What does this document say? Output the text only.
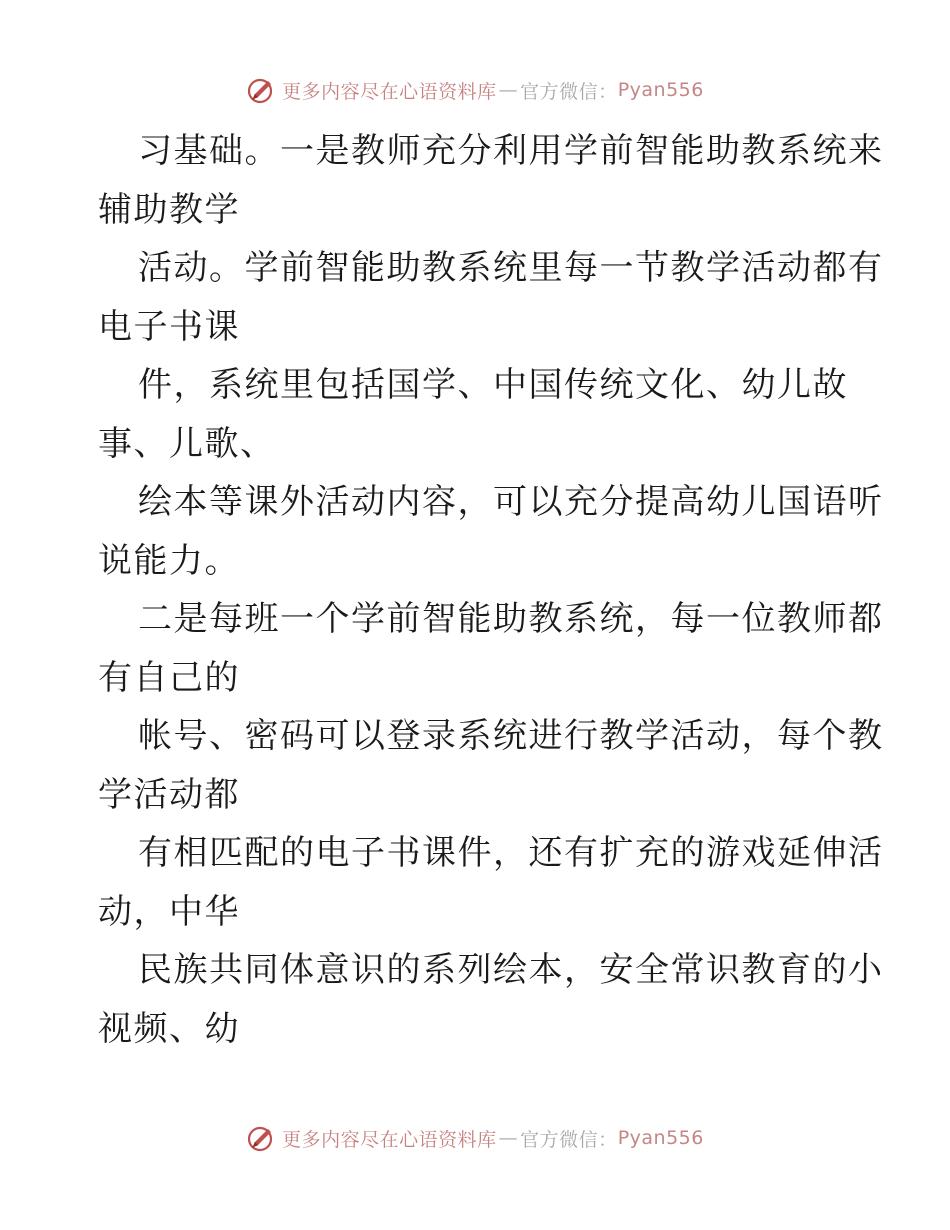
更多内容尽在心语资料库 — 官方微信： Pyan556
习基础。一是教师充分利用学前智能助教系统来
辅助教学
活动。学前智能助教系统里每一节教学活动都有
电子书课
件，系统里包括国学、中国传统文化、幼儿故
事、儿歌、
绘本等课外活动内容，可以充分提高幼儿国语听
说能力。
二是每班一个学前智能助教系统，每一位教师都
有自己的
帐号、密码可以登录系统进行教学活动，每个教
学活动都
有相匹配的电子书课件，还有扩充的游戏延伸活
动，中华
民族共同体意识的系列绘本，安全常识教育的小
视频、幼
更多内容尽在心语资料库 — 官方微信： Pyan556
